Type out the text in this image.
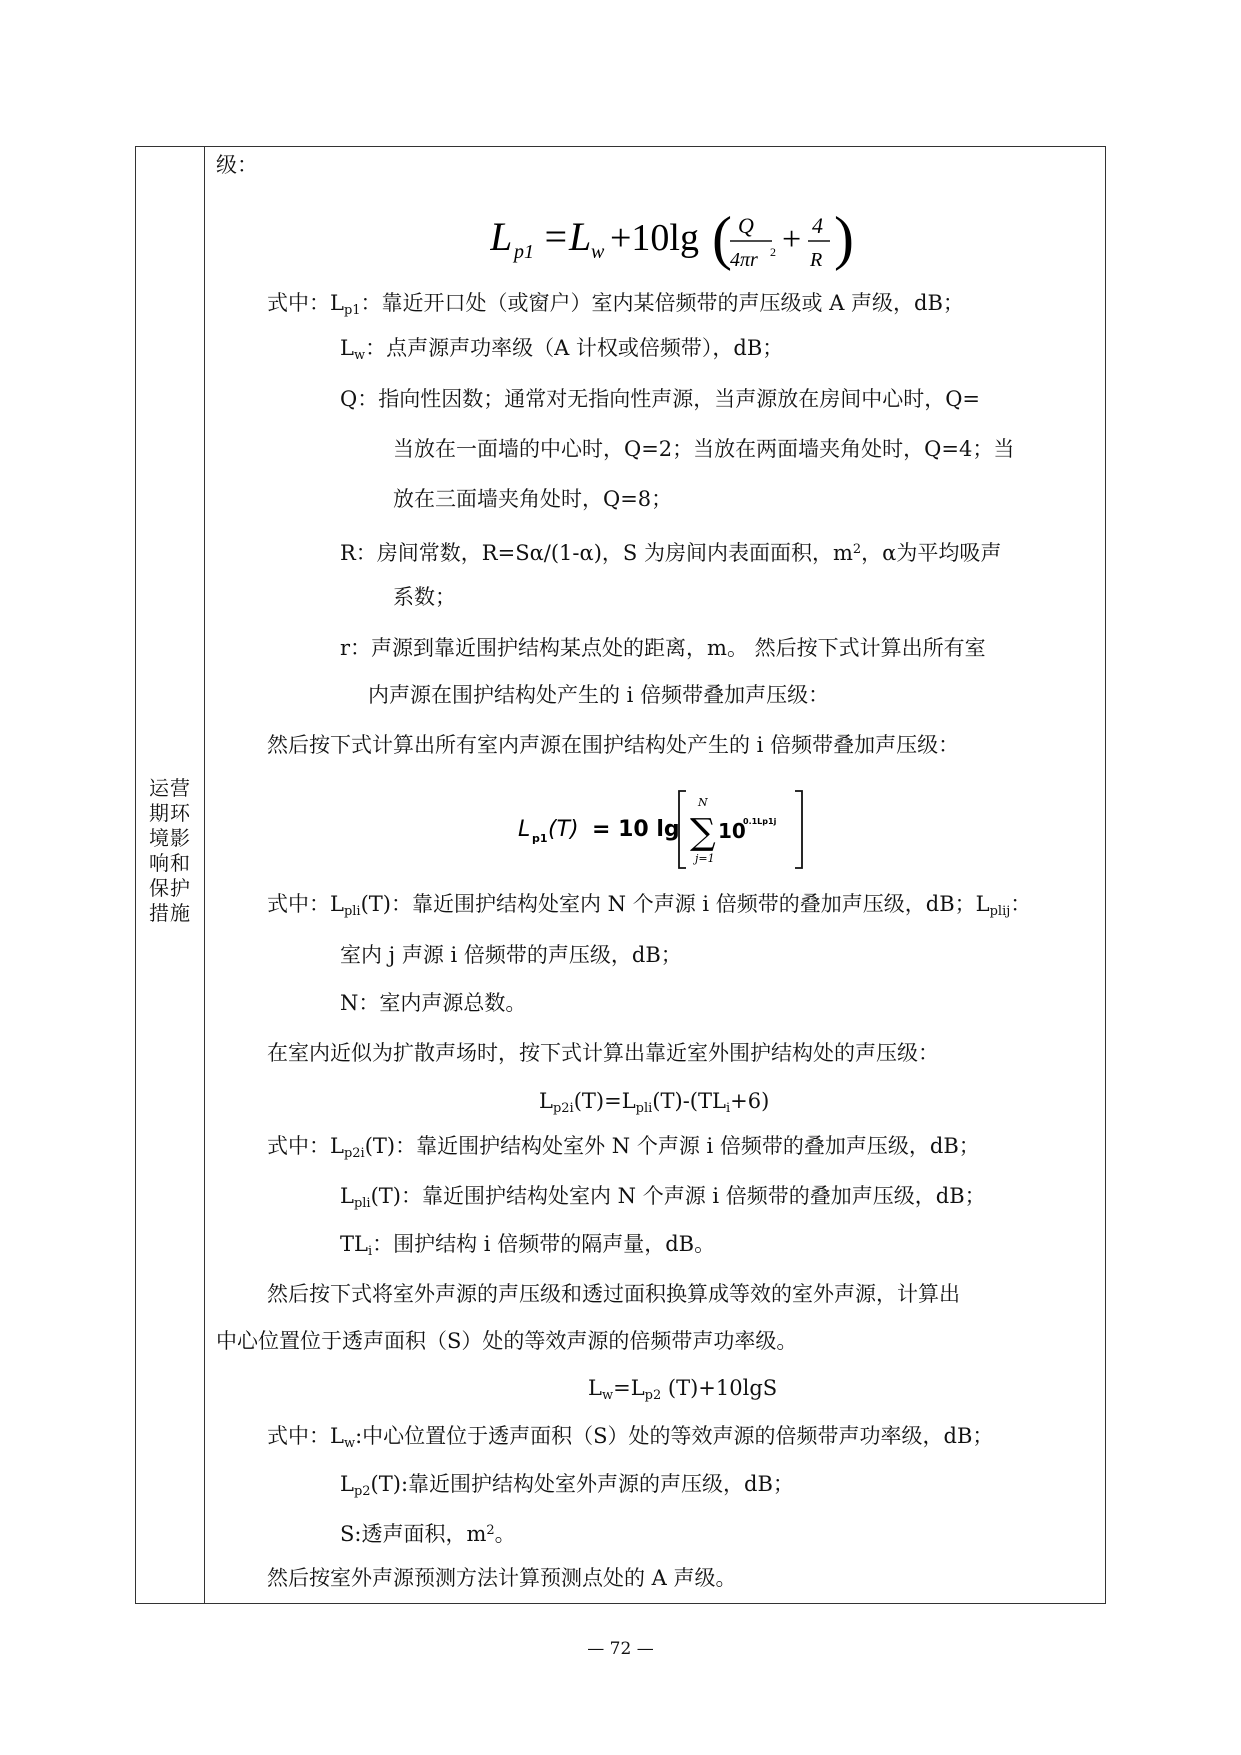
运营
期环
境影
响和
保护
措施
级：
L p1 =L w +10lg ( Q
4πr 2 + 4
R )
式中：$L_{p1}$：靠近开口处（或窗户）室内某倍频带的声压级或 A 声级，dB；
$L_w$：点声源声功率级（A 计权或倍频带），dB；
Q：指向性因数；通常对无指向性声源，当声源放在房间中心时，Q=
当放在一面墙的中心时，Q=2；当放在两面墙夹角处时，Q=4；当
放在三面墙夹角处时，Q=8；
R：房间常数，R=Sα/(1-α)，S 为房间内表面面积，$m^2$，α为平均吸声
系数；
r：声源到靠近围护结构某点处的距离，m。 然后按下式计算出所有室
内声源在围护结构处产生的 i 倍频带叠加声压级：
然后按下式计算出所有室内声源在围护结构处产生的 i 倍频带叠加声压级：
L p1 (T) = 10 lg
N
∑
j=1
10
0.1Lp1j
式中：$L_{pli}(T)$：靠近围护结构处室内 N 个声源 i 倍频带的叠加声压级，dB；$L_{plij}$：
室内 j 声源 i 倍频带的声压级，dB；
N：室内声源总数。
在室内近似为扩散声场时，按下式计算出靠近室外围护结构处的声压级：
$L_{p2i}(T)=L_{pli}(T)-(TL_i+6)$
式中：$L_{p2i}(T)$：靠近围护结构处室外 N 个声源 i 倍频带的叠加声压级，dB；
$L_{pli}(T)$：靠近围护结构处室内 N 个声源 i 倍频带的叠加声压级，dB；
$TL_i$：围护结构 i 倍频带的隔声量，dB。
然后按下式将室外声源的声压级和透过面积换算成等效的室外声源，计算出
中心位置位于透声面积（S）处的等效声源的倍频带声功率级。
$L_w=L_{p2}$ (T)+10lgS
式中：$L_w$:中心位置位于透声面积（S）处的等效声源的倍频带声功率级，dB；
$L_{p2}(T)$:靠近围护结构处室外声源的声压级，dB；
S:透声面积，$m^2$。
然后按室外声源预测方法计算预测点处的 A 声级。
— 72 —
